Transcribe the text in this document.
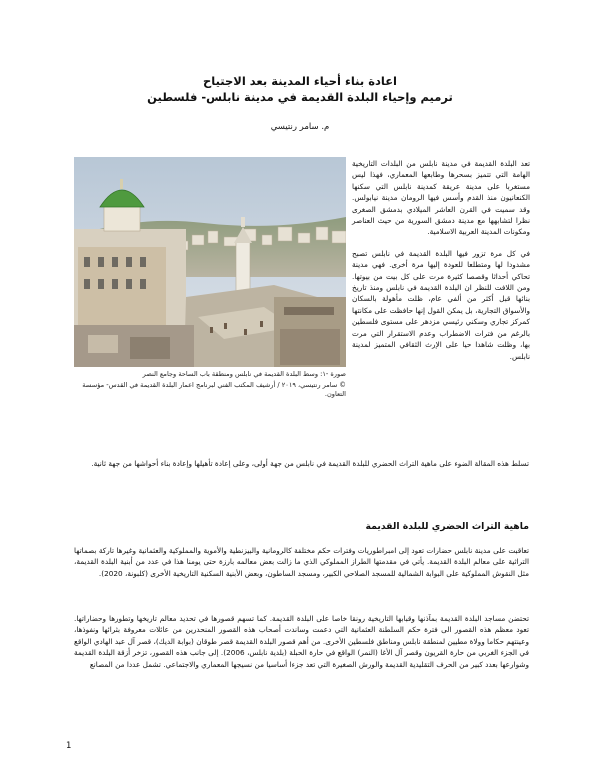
اعادة بناء أحياء المدينة بعد الاجتياح
ترميم وإحياء البلدة القديمة في مدينة نابلس- فلسطين
م. سامر رنتيسي

صورة -١: وسط البلدة القديمة في نابلس ومنطقة باب الساحة وجامع النصر

© سامر رنتيسي، ٢٠١٩ / أرشيف المكتب الفني لبرنامج اعمار البلدة القديمة في القدس- مؤسسة التعاون.

تعد البلدة القديمة في مدينة نابلس من البلدات التاريخية الهامة التي تتميز بسحرها وطابعها المعماري، فهذا ليس مستغربا على مدينة عريقة كمدينة نابلس التي سكنها الكنعانيون منذ القدم وأسس فيها الرومان مدينة نيابولس. وقد سميت في القرن العاشر الميلادي بدمشق الصغرى نظرا لتشابهها مع مدينة دمشق السورية من حيث العناصر ومكونات المدينة العربية الاسلامية.

في كل مرة تزور فيها البلدة القديمة في نابلس تصبح مشدودا لها ومتطلعا للعودة إليها مرة أخرى. فهي مدينة تحاكي أحداثا وقصصا كثيرة مرت على كل بيت من بيوتها. ومن اللافت للنظر ان البلدة القديمة في نابلس ومنذ تاريخ بنائها قبل أكثر من ألفي عام، ظلت مأهولة بالسكان والأسواق التجارية، بل يمكن القول إنها حافظت على مكانتها كمركز تجاري وسكني رئيسي مزدهر على مستوى فلسطين بالرغم من فترات الاضطراب وعدم الاستقرار التي مرت بها، وظلت شاهدا حيا على الإرث الثقافي المتميز لمدينة نابلس.

تسلط هذه المقالة الضوء على ماهية التراث الحضري للبلدة القديمة في نابلس من جهة أولى، وعلى إعادة تأهيلها وإعادة بناء أحواشها من جهة ثانية.

ماهية التراث الحضري للبلدة القديمة

تعاقبت على مدينة نابلس حضارات تعود إلى امبراطوريات وفترات حكم مختلفة كالرومانية والبيزنطية والأموية والمملوكية والعثمانية وغيرها تاركة بصماتها التراثية على معالم البلدة القديمة. يأتي في مقدمتها الطراز المملوكي الذي ما زالت بعض معالمه بارزة حتى يومنا هذا في عدد من أبنية البلدة القديمة، مثل النقوش المملوكية على البوابة الشمالية للمسجد الصلاحي الكبير، ومسجد الساطون، وبعض الأبنية السكنية التاريخية الأخرى (كلبونة، 2020).

تحتضن مساجد البلدة القديمة بمآذنها وقبابها التاريخية رونقا خاصا على البلدة القديمة. كما تسهم قصورها في تحديد معالم تاريخها وتطورها وحضاراتها. تعود معظم هذه القصور الى فترة حكم السلطنة العثمانية التي دعمت وساندت أصحاب هذه القصور المنحدرين من عائلات معروفة بثرائها ونفوذها، وعينتهم حكاما وولاة مطيين لمنطقة نابلس ومناطق فلسطين الأخرى. من أهم قصور البلدة القديمة قصر طوقان (بوابة الديك)، قصر آل عبد الهادي الواقع في الجزء الغربي من حارة القريون وقصر آل الأغا (النمر) الواقع في حارة الحبلة (بلدية نابلس، 2006). إلى جانب هذه القصور، تزخر أزقة البلدة القديمة وشوارعها بعدد كبير من الحرف التقليدية القديمة والورش الصغيرة التي تعد جزءا أساسيا من نسيجها المعماري والاجتماعي. تشمل عددا من المصانع

1
